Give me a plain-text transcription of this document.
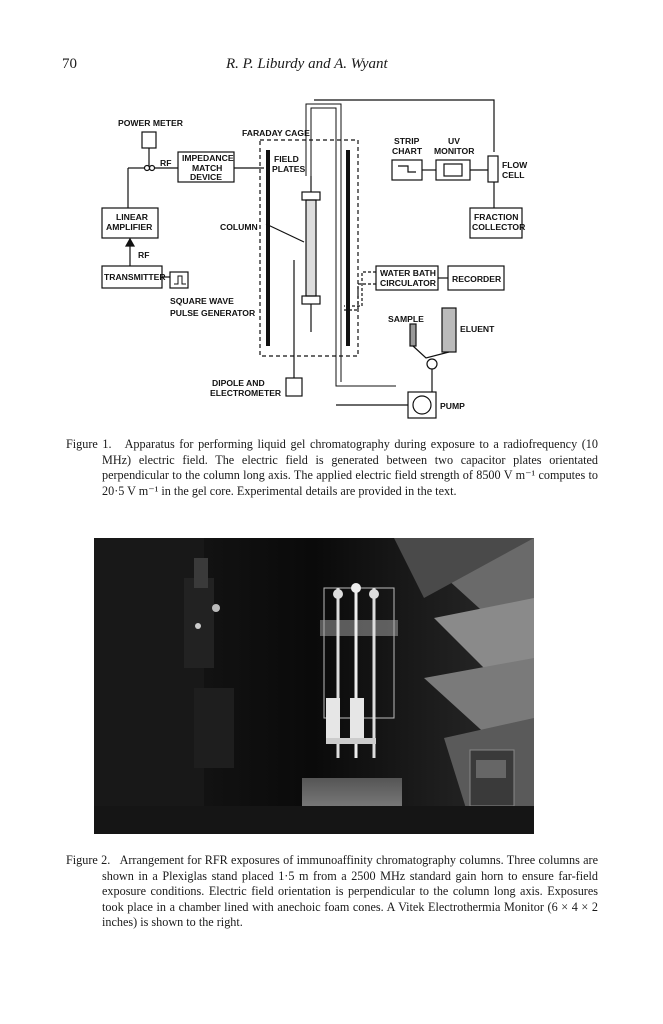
70	R. P. Liburdy and A. Wyant
POWER METER
FARADAY CAGE
RF IMPEDANCE
MATCH
DEVICE
FIELD
PLATES
STRIP
CHART
UV
MONITOR
FLOW
CELL
LINEAR
AMPLIFIER	COLUMN
FRACTION
COLLECTOR
RF
TRANSMITTER	WATER BATH
CIRCULATOR RECORDER
SQUARE WAVE
PULSE GENERATOR
SAMPLE
ELUENT
DIPOLE AND
ELECTROMETER
PUMP
Figure 1. Apparatus for performing liquid gel chromatography during exposure to a radiofrequency (10 MHz) electric field. The electric field is generated between two capacitor plates orientated perpendicular to the column long axis. The applied electric field strength of 8500 V m⁻¹ computes to 20·5 V m⁻¹ in the gel core. Experimental details are provided in the text.
Figure 2. Arrangement for RFR exposures of immunoaffinity chromatography columns. Three columns are shown in a Plexiglas stand placed 1·5 m from a 2500 MHz standard gain horn to ensure far-field exposure conditions. Electric field orientation is perpendicular to the column long axis. Exposures took place in a chamber lined with anechoic foam cones. A Vitek Electrothermia Monitor (6 × 4 × 2 inches) is shown to the right.
